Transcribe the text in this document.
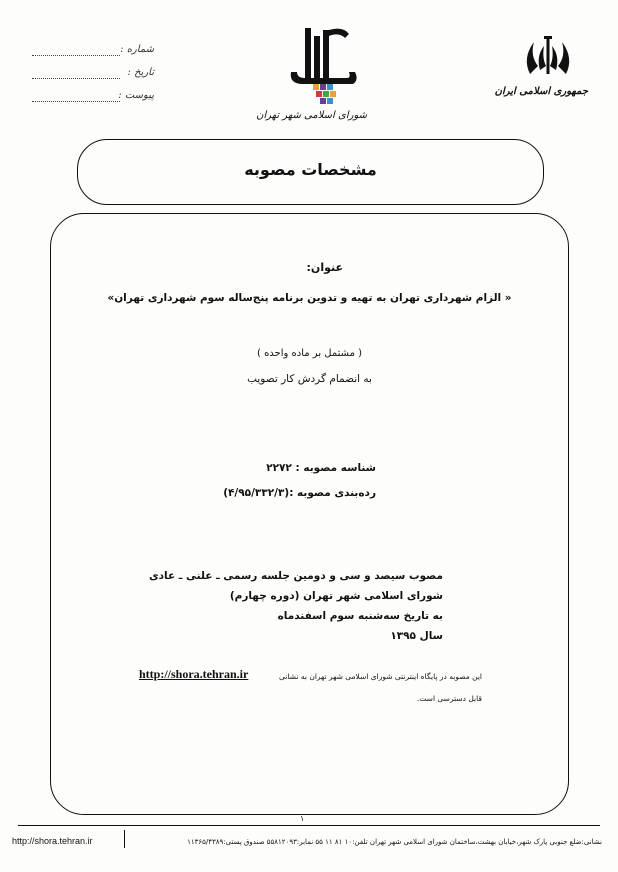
شماره :
تاریخ :
پیوست :
شورای اسلامی شهر تهران
جمهوری اسلامی ایران
مشخصات مصوبه
عنوان:
« الزام شهرداری تهران به تهیه و تدوین برنامه پنج‌ساله سوم شهرداری تهران»
( مشتمل بر ماده واحده )
به انضمام گردش کار تصویب
شناسه مصوبه : ۲۲۷۲
رده‌بندی مصوبه :(۴/۹۵/۳۳۲/۳)
مصوب سیصد و سی و دومین جلسه رسمی ـ علنی ـ عادی
شورای اسلامی شهر تهران (دوره چهارم)
به تاریخ سه‌شنبه سوم اسفندماه
سال ۱۳۹۵
این مصوبه در پایگاه اینترنتی شورای اسلامی شهر تهران به نشانی
http://shora.tehran.ir
قابل دسترسی است.
۱
نشانی:ضلع جنوبی پارک شهر،خیابان بهشت،ساختمان شورای اسلامی شهر تهران تلفن:۱۰ ۸۱ ۱۱ ۵۵ نمابر:۵۵۸۱۲۰۹۳ صندوق پستی:۱۱۳۶۵/۴۳۸۹
http://shora.tehran.ir
